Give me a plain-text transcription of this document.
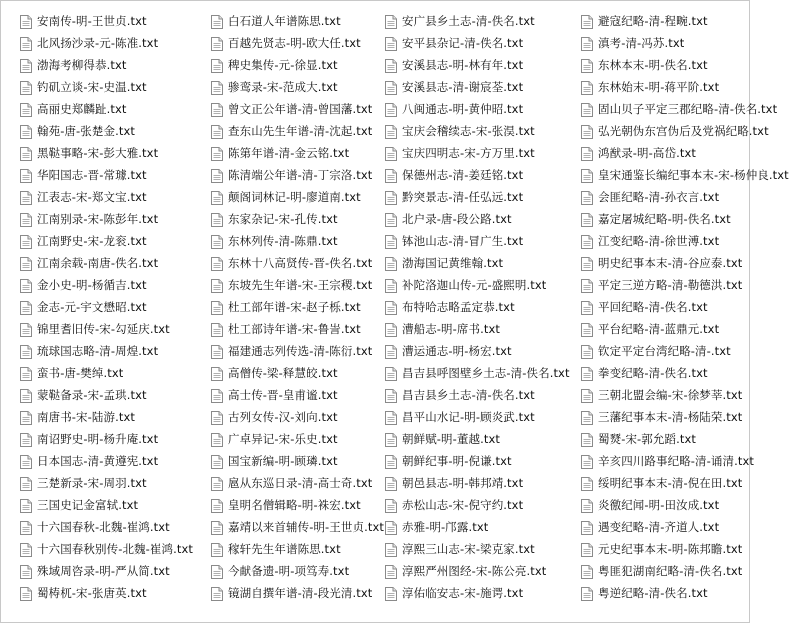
安南传-明-王世贞.txt
北风扬沙录-元-陈准.txt
渤海考柳得恭.txt
钓矶立谈-宋-史温.txt
高丽史郑麟趾.txt
翰苑-唐-张楚金.txt
黑鞑事略-宋-彭大雅.txt
华阳国志-晋-常璩.txt
江表志-宋-郑文宝.txt
江南别录-宋-陈彭年.txt
江南野史-宋-龙衮.txt
江南余载-南唐-佚名.txt
金小史-明-杨循吉.txt
金志-元-宇文懋昭.txt
锦里耆旧传-宋-勾延庆.txt
琉球国志略-清-周煌.txt
蛮书-唐-樊绰.txt
蒙鞑备录-宋-孟珙.txt
南唐书-宋-陆游.txt
南诏野史-明-杨升庵.txt
日本国志-清-黄遵宪.txt
三楚新录-宋-周羽.txt
三国史记金富轼.txt
十六国春秋-北魏-崔鸿.txt
十六国春秋别传-北魏-崔鸿.txt
殊域周咨录-明-严从简.txt
蜀梼杌-宋-张唐英.txt
白石道人年谱陈思.txt
百越先贤志-明-欧大任.txt
稗史集传-元-徐显.txt
骖鸾录-宋-范成大.txt
曾文正公年谱-清-曾国藩.txt
查东山先生年谱-清-沈起.txt
陈第年谱-清-金云铭.txt
陈清端公年谱-清-丁宗洛.txt
颠阁词林记-明-廖道南.txt
东家杂记-宋-孔传.txt
东林列传-清-陈鼎.txt
东林十八高贤传-晋-佚名.txt
东坡先生年谱-宋-王宗稷.txt
杜工部年谱-宋-赵子栎.txt
杜工部诗年谱-宋-鲁訔.txt
福建通志列传选-清-陈衍.txt
高僧传-梁-释慧皎.txt
高士传-晋-皇甫谧.txt
古列女传-汉-刘向.txt
广卓异记-宋-乐史.txt
国宝新编-明-顾璘.txt
扈从东巡日录-清-高士奇.txt
皇明名僧辑略-明-袾宏.txt
嘉靖以来首辅传-明-王世贞.txt
稼轩先生年谱陈思.txt
今献备遗-明-项笃寿.txt
镜湖自撰年谱-清-段光清.txt
安广县乡土志-清-佚名.txt
安平县杂记-清-佚名.txt
安溪县志-明-林有年.txt
安溪县志-清-谢宸荃.txt
八闽通志-明-黄仲昭.txt
宝庆会稽续志-宋-张淏.txt
宝庆四明志-宋-方万里.txt
保德州志-清-姜廷铭.txt
黔突景志-清-任弘远.txt
北户录-唐-段公路.txt
钵池山志-清-冒广生.txt
渤海国记黄维翰.txt
补陀洛迦山传-元-盛熙明.txt
布特哈志略孟定恭.txt
漕船志-明-席书.txt
漕运通志-明-杨宏.txt
昌吉县呼图壁乡土志-清-佚名.txt
昌吉县乡土志-清-佚名.txt
昌平山水记-明-顾炎武.txt
朝鲜赋-明-董越.txt
朝鲜纪事-明-倪谦.txt
朝邑县志-明-韩邦靖.txt
赤松山志-宋-倪守约.txt
赤雅-明-邝露.txt
淳熙三山志-宋-梁克家.txt
淳熙严州图经-宋-陈公亮.txt
淳佑临安志-宋-施谔.txt
避寇纪略-清-程畹.txt
滇考-清-冯苏.txt
东林本末-明-佚名.txt
东林始末-明-蒋平阶.txt
固山贝子平定三郡纪略-清-佚名.txt
弘光朝伪东宫伪后及党祸纪略.txt
鸿猷录-明-高岱.txt
皇宋通鉴长编纪事本末-宋-杨仲良.txt
会匪纪略-清-孙衣言.txt
嘉定屠城纪略-明-佚名.txt
江变纪略-清-徐世溥.txt
明史纪事本末-清-谷应泰.txt
平定三逆方略-清-勒德洪.txt
平回纪略-清-佚名.txt
平台纪略-清-蓝鼎元.txt
钦定平定台湾纪略-清-.txt
拳变纪略-清-佚名.txt
三朝北盟会编-宋-徐梦莘.txt
三藩纪事本末-清-杨陆荣.txt
蜀燹-宋-郭允蹈.txt
辛亥四川路事纪略-清-诵清.txt
绥明纪事本末-清-倪在田.txt
炎徼纪闻-明-田汝成.txt
遇变纪略-清-齐道人.txt
元史纪事本末-明-陈邦瞻.txt
粤匪犯湖南纪略-清-佚名.txt
粤逆纪略-清-佚名.txt
